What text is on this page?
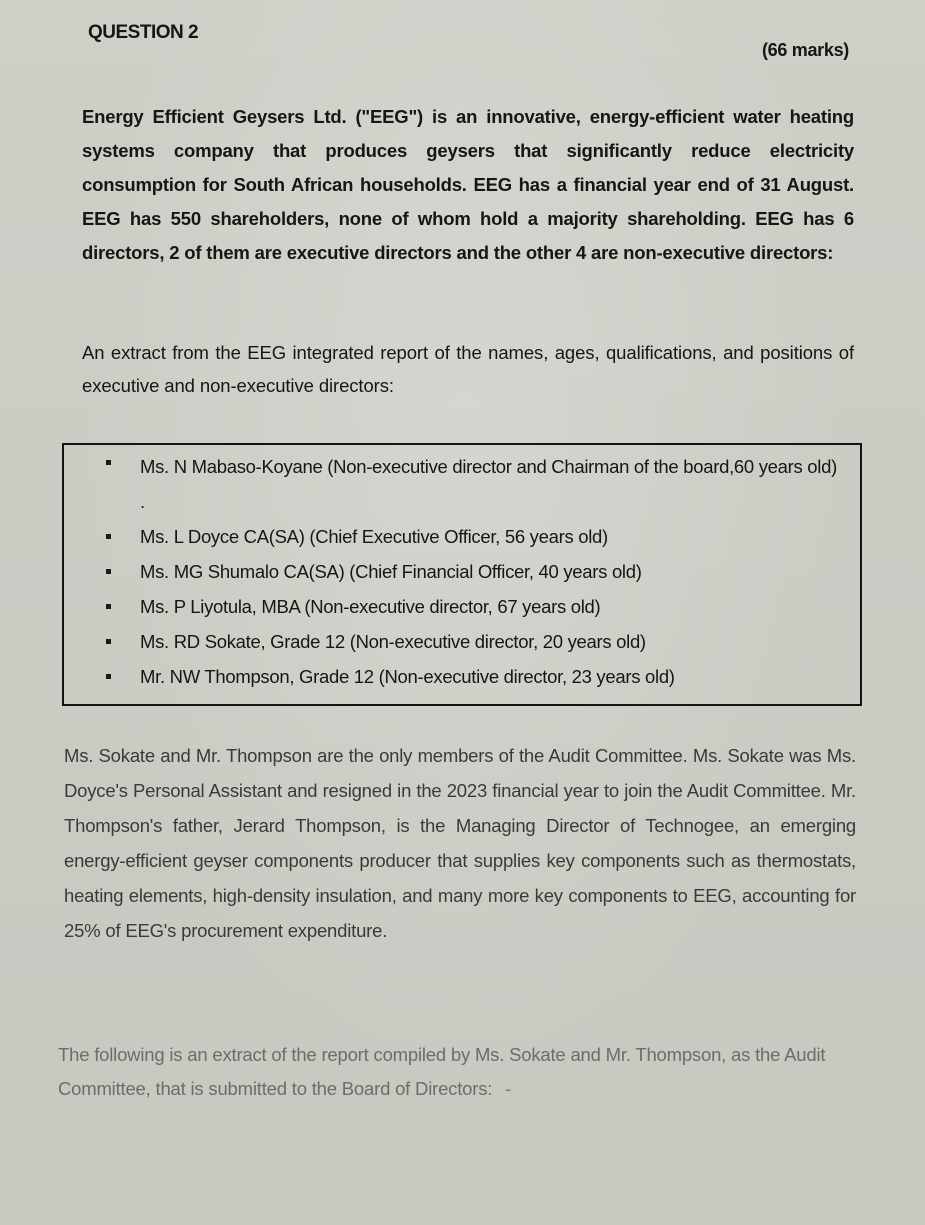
QUESTION 2
(66 marks)
Energy Efficient Geysers Ltd. ("EEG") is an innovative, energy-efficient water heating systems company that produces geysers that significantly reduce electricity consumption for South African households. EEG has a financial year end of 31 August. EEG has 550 shareholders, none of whom hold a majority shareholding. EEG has 6 directors, 2 of them are executive directors and the other 4 are non-executive directors:
An extract from the EEG integrated report of the names, ages, qualifications, and positions of executive and non-executive directors:
Ms. N Mabaso-Koyane (Non-executive director and Chairman of the board,60 years old) .
Ms. L Doyce CA(SA) (Chief Executive Officer, 56 years old)
Ms. MG Shumalo CA(SA) (Chief Financial Officer, 40 years old)
Ms. P Liyotula, MBA (Non-executive director, 67 years old)
Ms. RD Sokate, Grade 12 (Non-executive director, 20 years old)
Mr. NW Thompson, Grade 12 (Non-executive director, 23 years old)
Ms. Sokate and Mr. Thompson are the only members of the Audit Committee. Ms. Sokate was Ms. Doyce's Personal Assistant and resigned in the 2023 financial year to join the Audit Committee. Mr. Thompson's father, Jerard Thompson, is the Managing Director of Technogee, an emerging energy-efficient geyser components producer that supplies key components such as thermostats, heating elements, high-density insulation, and many more key components to EEG, accounting for 25% of EEG's procurement expenditure.
The following is an extract of the report compiled by Ms. Sokate and Mr. Thompson, as the Audit Committee, that is submitted to the Board of Directors: -
